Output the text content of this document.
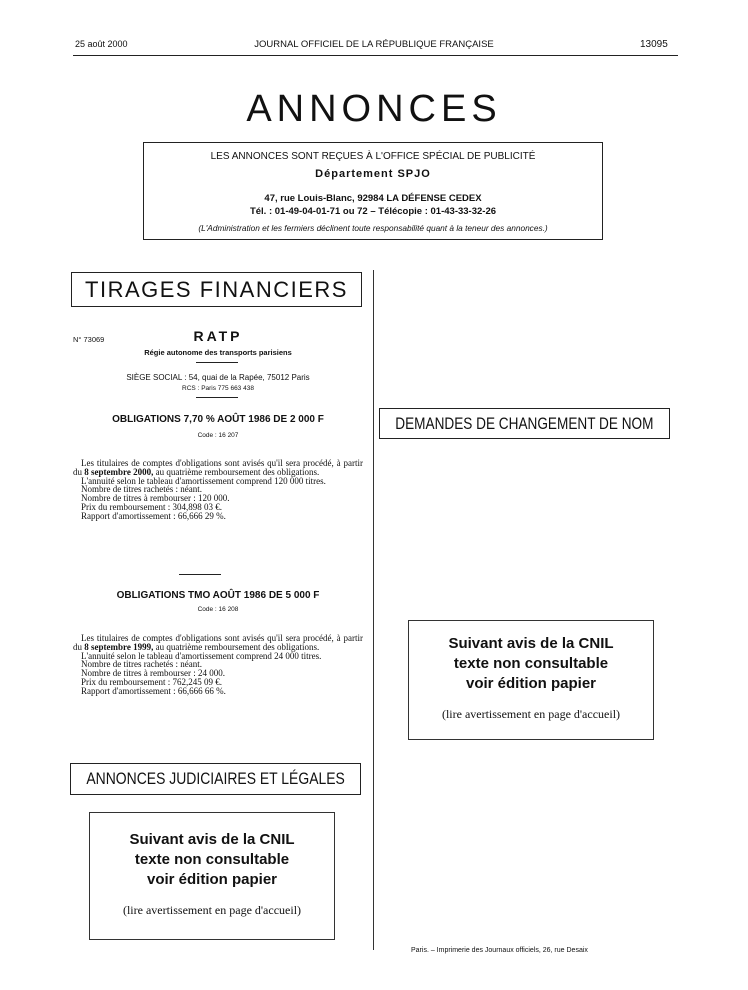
25 août 2000	JOURNAL OFFICIEL DE LA RÉPUBLIQUE FRANÇAISE	13095
ANNONCES
LES ANNONCES SONT REÇUES À L'OFFICE SPÉCIAL DE PUBLICITÉ
Département SPJO
47, rue Louis-Blanc, 92984 LA DÉFENSE CEDEX
Tél. : 01-49-04-01-71 ou 72 – Télécopie : 01-43-33-32-26
(L'Administration et les fermiers déclinent toute responsabilité quant à la teneur des annonces.)
TIRAGES FINANCIERS
DEMANDES DE CHANGEMENT DE NOM
ANNONCES JUDICIAIRES ET LÉGALES
N° 73069	RATP
Régie autonome des transports parisiens
SIÈGE SOCIAL : 54, quai de la Rapée, 75012 Paris
RCS : Paris 775 663 438
OBLIGATIONS 7,70 % AOÛT 1986 DE 2 000 F
Code : 16 207

Les titulaires de comptes d'obligations sont avisés qu'il sera procédé, à partir du 8 septembre 2000, au quatrième remboursement des obligations.

L'annuité selon le tableau d'amortissement comprend 120 000 titres.

Nombre de titres rachetés : néant.
Nombre de titres à rembourser : 120 000.
Prix du remboursement : 304,898 03 €.
Rapport d'amortissement : 66,666 29 %.
OBLIGATIONS TMO AOÛT 1986 DE 5 000 F
Code : 16 208

Les titulaires de comptes d'obligations sont avisés qu'il sera procédé, à partir du 8 septembre 1999, au quatrième remboursement des obligations.

L'annuité selon le tableau d'amortissement comprend 24 000 titres.

Nombre de titres rachetés : néant.
Nombre de titres à rembourser : 24 000.
Prix du remboursement : 762,245 09 €.
Rapport d'amortissement : 66,666 66 %.
Suivant avis de la CNIL
texte non consultable
voir édition papier
(lire avertissement en page d'accueil)
Suivant avis de la CNIL
texte non consultable
voir édition papier
(lire avertissement en page d'accueil)
Paris. – Imprimerie des Journaux officiels, 26, rue Desaix
